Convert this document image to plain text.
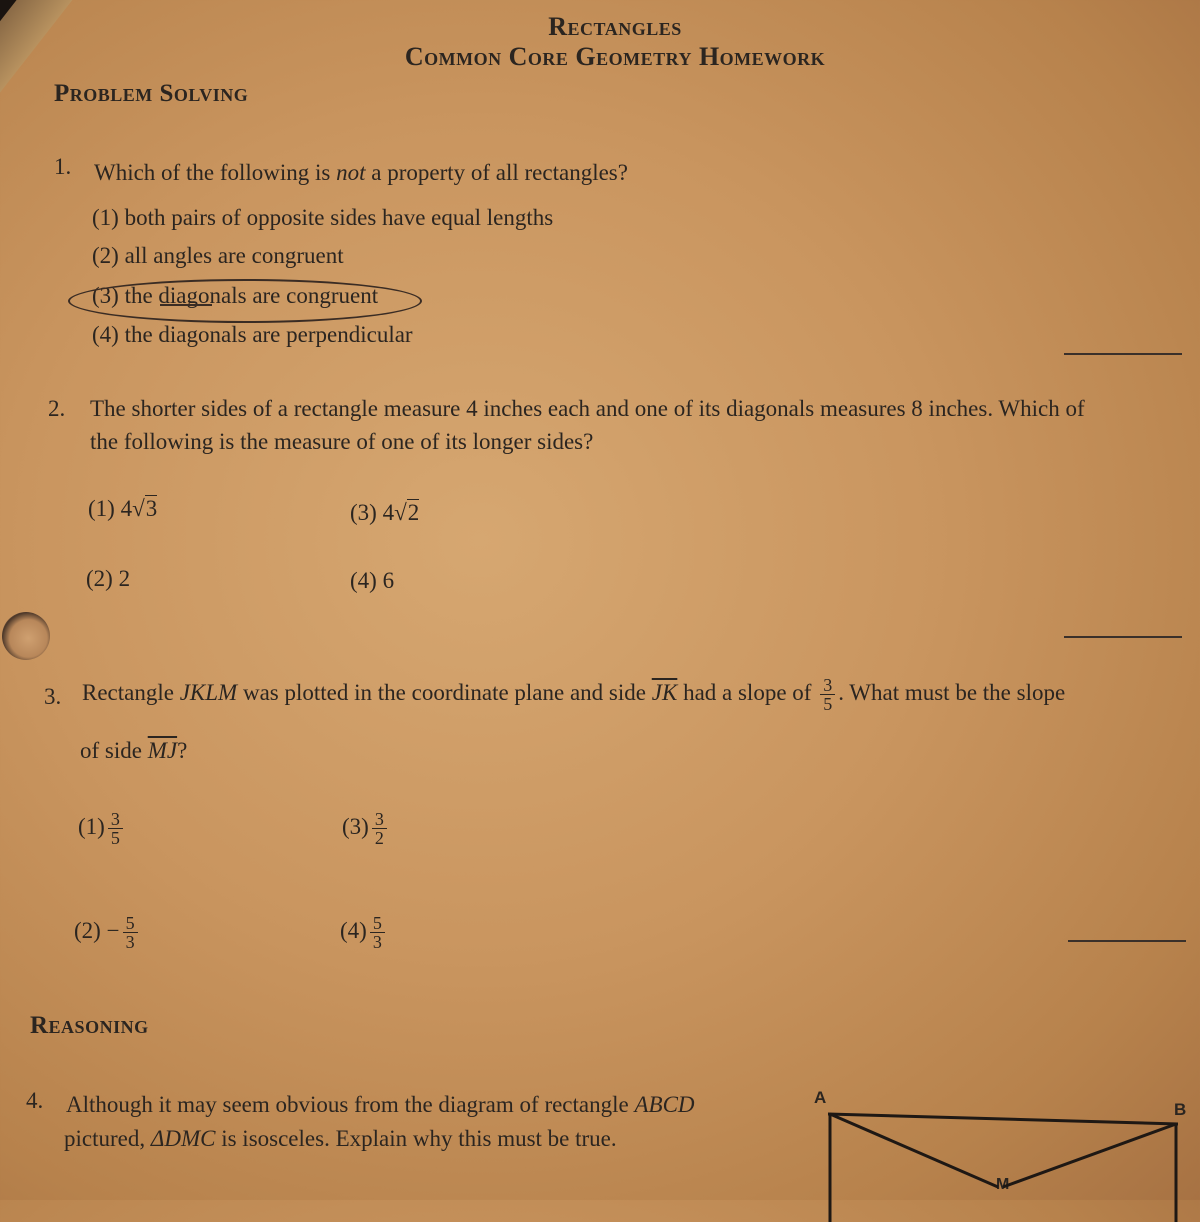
Rectangles
Common Core Geometry Homework
Problem Solving
1. Which of the following is not a property of all rectangles?
(1) both pairs of opposite sides have equal lengths
(2) all angles are congruent
(3) the diagonals are congruent
(4) the diagonals are perpendicular
2. The shorter sides of a rectangle measure 4 inches each and one of its diagonals measures 8 inches. Which of
the following is the measure of one of its longer sides?
(1) 4√3	(3) 4√2
(2) 2	(4) 6
3. Rectangle JKLM was plotted in the coordinate plane and side $\overline{JK}$ had a slope of $\frac{3}{5}$ . What must be the slope
of side $\overline{MJ}$?
$(1) \frac{3}{5}$	$(3) \frac{3}{2}$
$(2) - \frac{5}{3}$	$(4) \frac{5}{3}$
Reasoning
4. Although it may seem obvious from the diagram of rectangle ABCD
pictured, ΔDMC is isosceles. Explain why this must be true.
A
B
M
